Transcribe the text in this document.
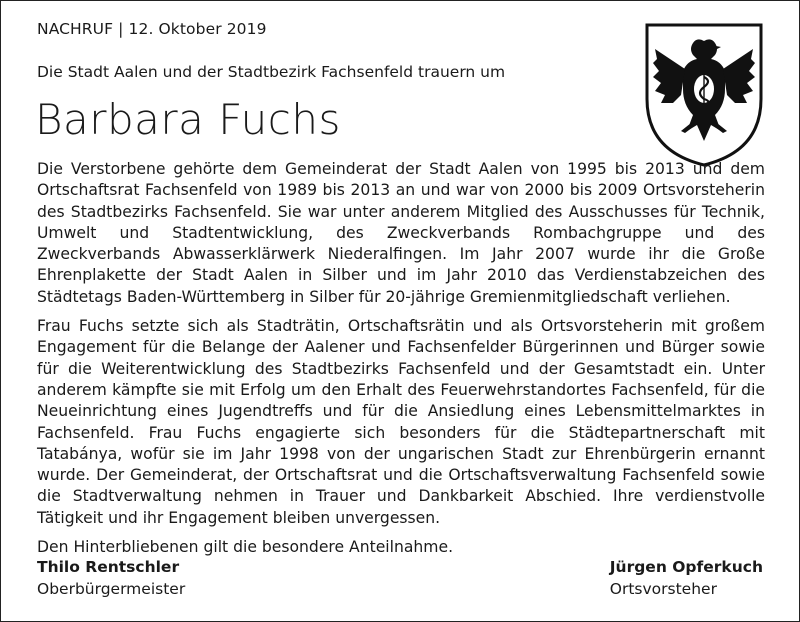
NACHRUF | 12. Oktober 2019
Die Stadt Aalen und der Stadtbezirk Fachsenfeld trauern um
Barbara Fuchs

Die Verstorbene gehörte dem Gemeinderat der Stadt Aalen von 1995 bis 2013 und dem Ortschaftsrat Fachsenfeld von 1989 bis 2013 an und war von 2000 bis 2009 Ortsvorsteherin des Stadtbezirks Fachsenfeld. Sie war unter anderem Mitglied des Ausschusses für Technik, Umwelt und Stadtentwicklung, des Zweckverbands Rombachgruppe und des Zweckverbands Abwasserklärwerk Niederalfingen. Im Jahr 2007 wurde ihr die Große Ehrenplakette der Stadt Aalen in Silber und im Jahr 2010 das Verdienstabzeichen des Städtetags Baden-Württemberg in Silber für 20-jährige Gremienmitgliedschaft verliehen.

Frau Fuchs setzte sich als Stadträtin, Ortschaftsrätin und als Ortsvorsteherin mit großem Engagement für die Belange der Aalener und Fachsenfelder Bürgerinnen und Bürger sowie für die Weiterentwicklung des Stadtbezirks Fachsenfeld und der Gesamtstadt ein. Unter anderem kämpfte sie mit Erfolg um den Erhalt des Feuerwehrstandortes Fachsenfeld, für die Neueinrichtung eines Jugendtreffs und für die Ansiedlung eines Lebensmittelmarktes in Fachsenfeld. Frau Fuchs engagierte sich besonders für die Städtepartnerschaft mit Tatabánya, wofür sie im Jahr 1998 von der ungarischen Stadt zur Ehrenbürgerin ernannt wurde. Der Gemeinderat, der Ortschaftsrat und die Ortschaftsverwaltung Fachsenfeld sowie die Stadtverwaltung nehmen in Trauer und Dankbarkeit Abschied. Ihre verdienstvolle Tätigkeit und ihr Engagement bleiben unvergessen.

Den Hinterbliebenen gilt die besondere Anteilnahme.

Thilo Rentschler
Oberbürgermeister
Jürgen Opferkuch
Ortsvorsteher
